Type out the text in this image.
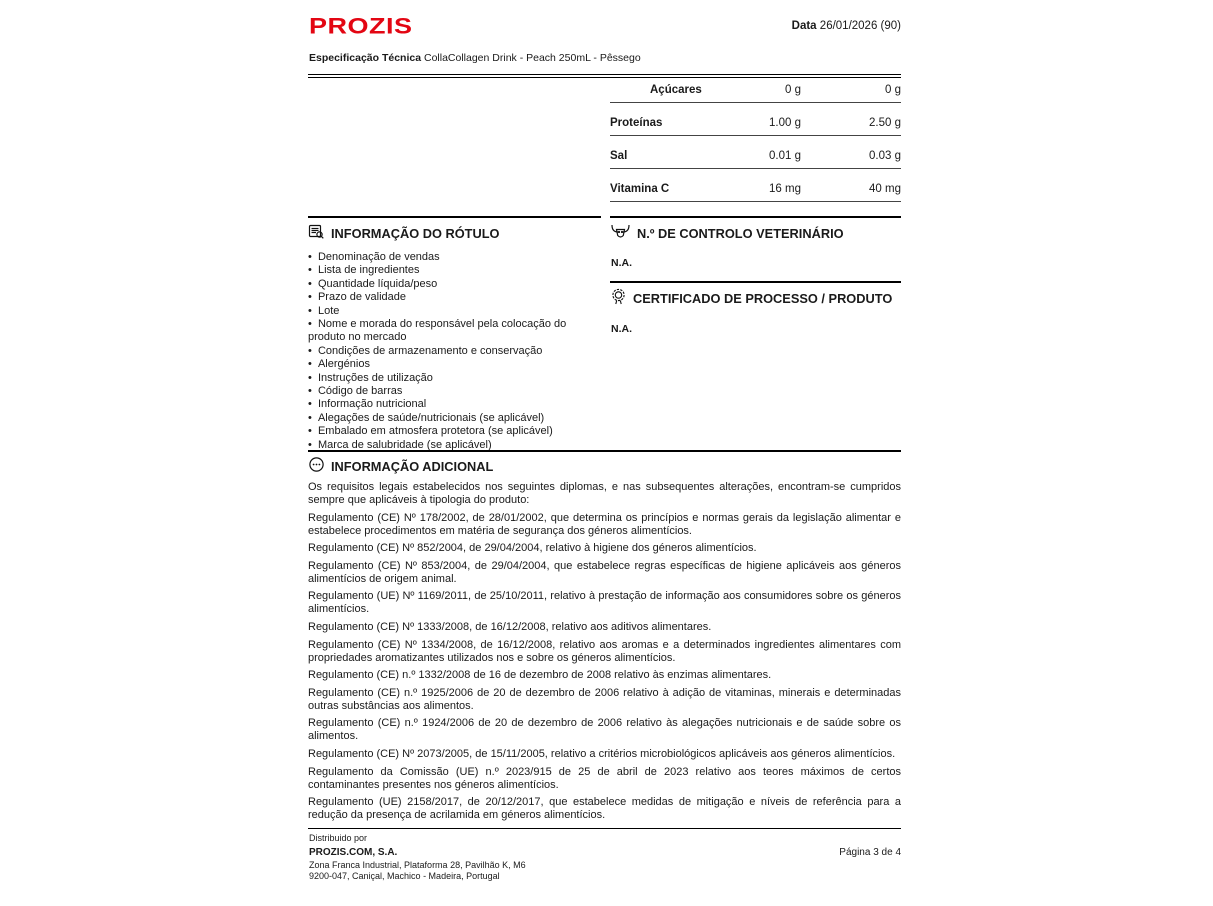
PROZIS	Data 26/01/2026 (90)
Especificação Técnica CollaCollagen Drink - Peach 250mL - Pêssego
Açúcares	0 g	0 g
Proteínas	1.00 g	2.50 g
Sal	0.01 g	0.03 g
Vitamina C	16 mg	40 mg
INFORMAÇÃO DO RÓTULO
•  Denominação de vendas
•  Lista de ingredientes
•  Quantidade líquida/peso
•  Prazo de validade
•  Lote
•  Nome e morada do responsável pela colocação do produto no mercado
•  Condições de armazenamento e conservação
•  Alergénios
•  Instruções de utilização
•  Código de barras
•  Informação nutricional
•  Alegações de saúde/nutricionais (se aplicável)
•  Embalado em atmosfera protetora (se aplicável)
•  Marca de salubridade (se aplicável)
N.º DE CONTROLO VETERINÁRIO
N.A.
CERTIFICADO DE PROCESSO / PRODUTO
N.A.
INFORMAÇÃO ADICIONAL

Os requisitos legais estabelecidos nos seguintes diplomas, e nas subsequentes alterações, encontram-se cumpridos sempre que aplicáveis à tipologia do produto:

Regulamento (CE) Nº 178/2002, de 28/01/2002, que determina os princípios e normas gerais da legislação alimentar e estabelece procedimentos em matéria de segurança dos géneros alimentícios.

Regulamento (CE) Nº 852/2004, de 29/04/2004, relativo à higiene dos géneros alimentícios.

Regulamento (CE) Nº 853/2004, de 29/04/2004, que estabelece regras específicas de higiene aplicáveis aos géneros alimentícios de origem animal.

Regulamento (UE) Nº 1169/2011, de 25/10/2011, relativo à prestação de informação aos consumidores sobre os géneros alimentícios.

Regulamento (CE) Nº 1333/2008, de 16/12/2008, relativo aos aditivos alimentares.

Regulamento (CE) Nº 1334/2008, de 16/12/2008, relativo aos aromas e a determinados ingredientes alimentares com propriedades aromatizantes utilizados nos e sobre os géneros alimentícios.

Regulamento (CE) n.º 1332/2008 de 16 de dezembro de 2008 relativo às enzimas alimentares.

Regulamento (CE) n.º 1925/2006 de 20 de dezembro de 2006 relativo à adição de vitaminas, minerais e determinadas outras substâncias aos alimentos.

Regulamento (CE) n.º 1924/2006 de 20 de dezembro de 2006 relativo às alegações nutricionais e de saúde sobre os alimentos.

Regulamento (CE) Nº 2073/2005, de 15/11/2005, relativo a critérios microbiológicos aplicáveis aos géneros alimentícios.

Regulamento da Comissão (UE) n.º 2023/915 de 25 de abril de 2023 relativo aos teores máximos de certos contaminantes presentes nos géneros alimentícios.

Regulamento (UE) 2158/2017, de 20/12/2017, que estabelece medidas de mitigação e níveis de referência para a redução da presença de acrilamida em géneros alimentícios.

Distribuido por
PROZIS.COM, S.A.
Zona Franca Industrial, Plataforma 28, Pavilhão K, M6
9200-047, Caniçal, Machico - Madeira, Portugal
Página 3 de 4
